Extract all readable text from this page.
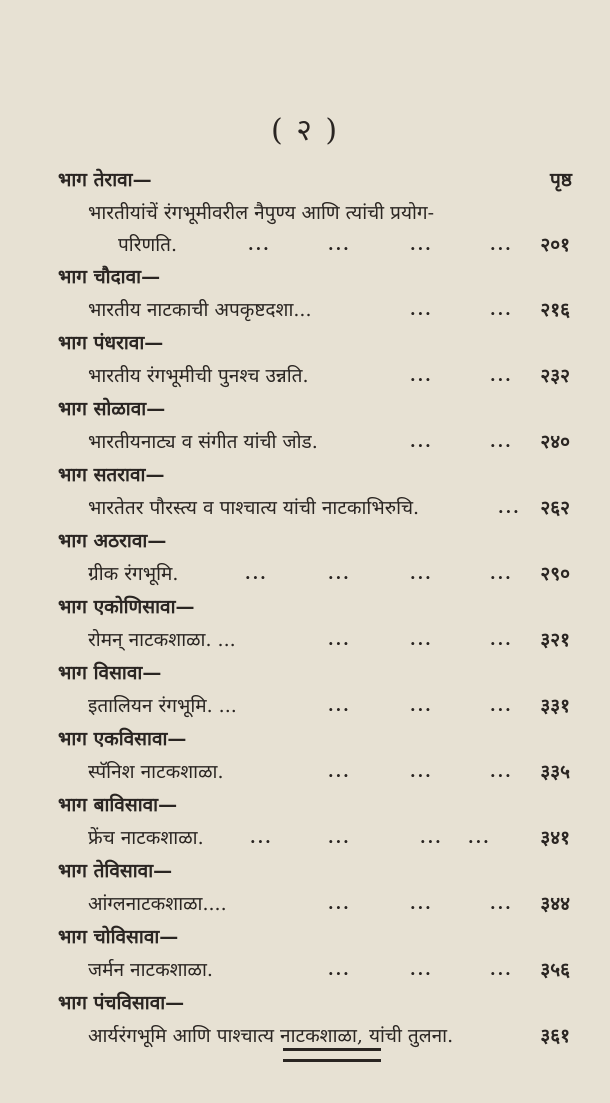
( २ )
भाग तेरावा—	पृष्ठ
भारतीयांचें रंगभूमीवरील नैपुण्य आणि त्यांची प्रयोग-
परिणति.	...	...	...	... २०१
भाग चौदावा—
भारतीय नाटकाची अपकृष्टदशा...	...	... २१६
भाग पंधरावा—
भारतीय रंगभूमीची पुनश्च उन्नति.	...	... २३२
भाग सोळावा—
भारतीयनाट्य व संगीत यांची जोड.	...	... २४०
भाग सतरावा—
भारतेतर पौरस्त्य व पाश्चात्य यांची नाटकाभिरुचि.	... २६२
भाग अठरावा—
ग्रीक रंगभूमि.	...	...	...	... २९०
भाग एकोणिसावा—
रोमन् नाटकशाळा. ...	...	...	... ३२१
भाग विसावा—
इतालियन रंगभूमि. ...	...	...	... ३३१
भाग एकविसावा—
स्पॅनिश नाटकशाळा.	...	...	... ३३५
भाग बाविसावा—
फ्रेंच नाटकशाळा.	...	...	... ...	३४१
भाग तेविसावा—
आंग्लनाटकशाळा....	...	...	... ३४४
भाग चोविसावा—
जर्मन नाटकशाळा.	...	...	... ३५६
भाग पंचविसावा—
आर्यरंगभूमि आणि पाश्चात्य नाटकशाळा, यांची तुलना.	३६१
